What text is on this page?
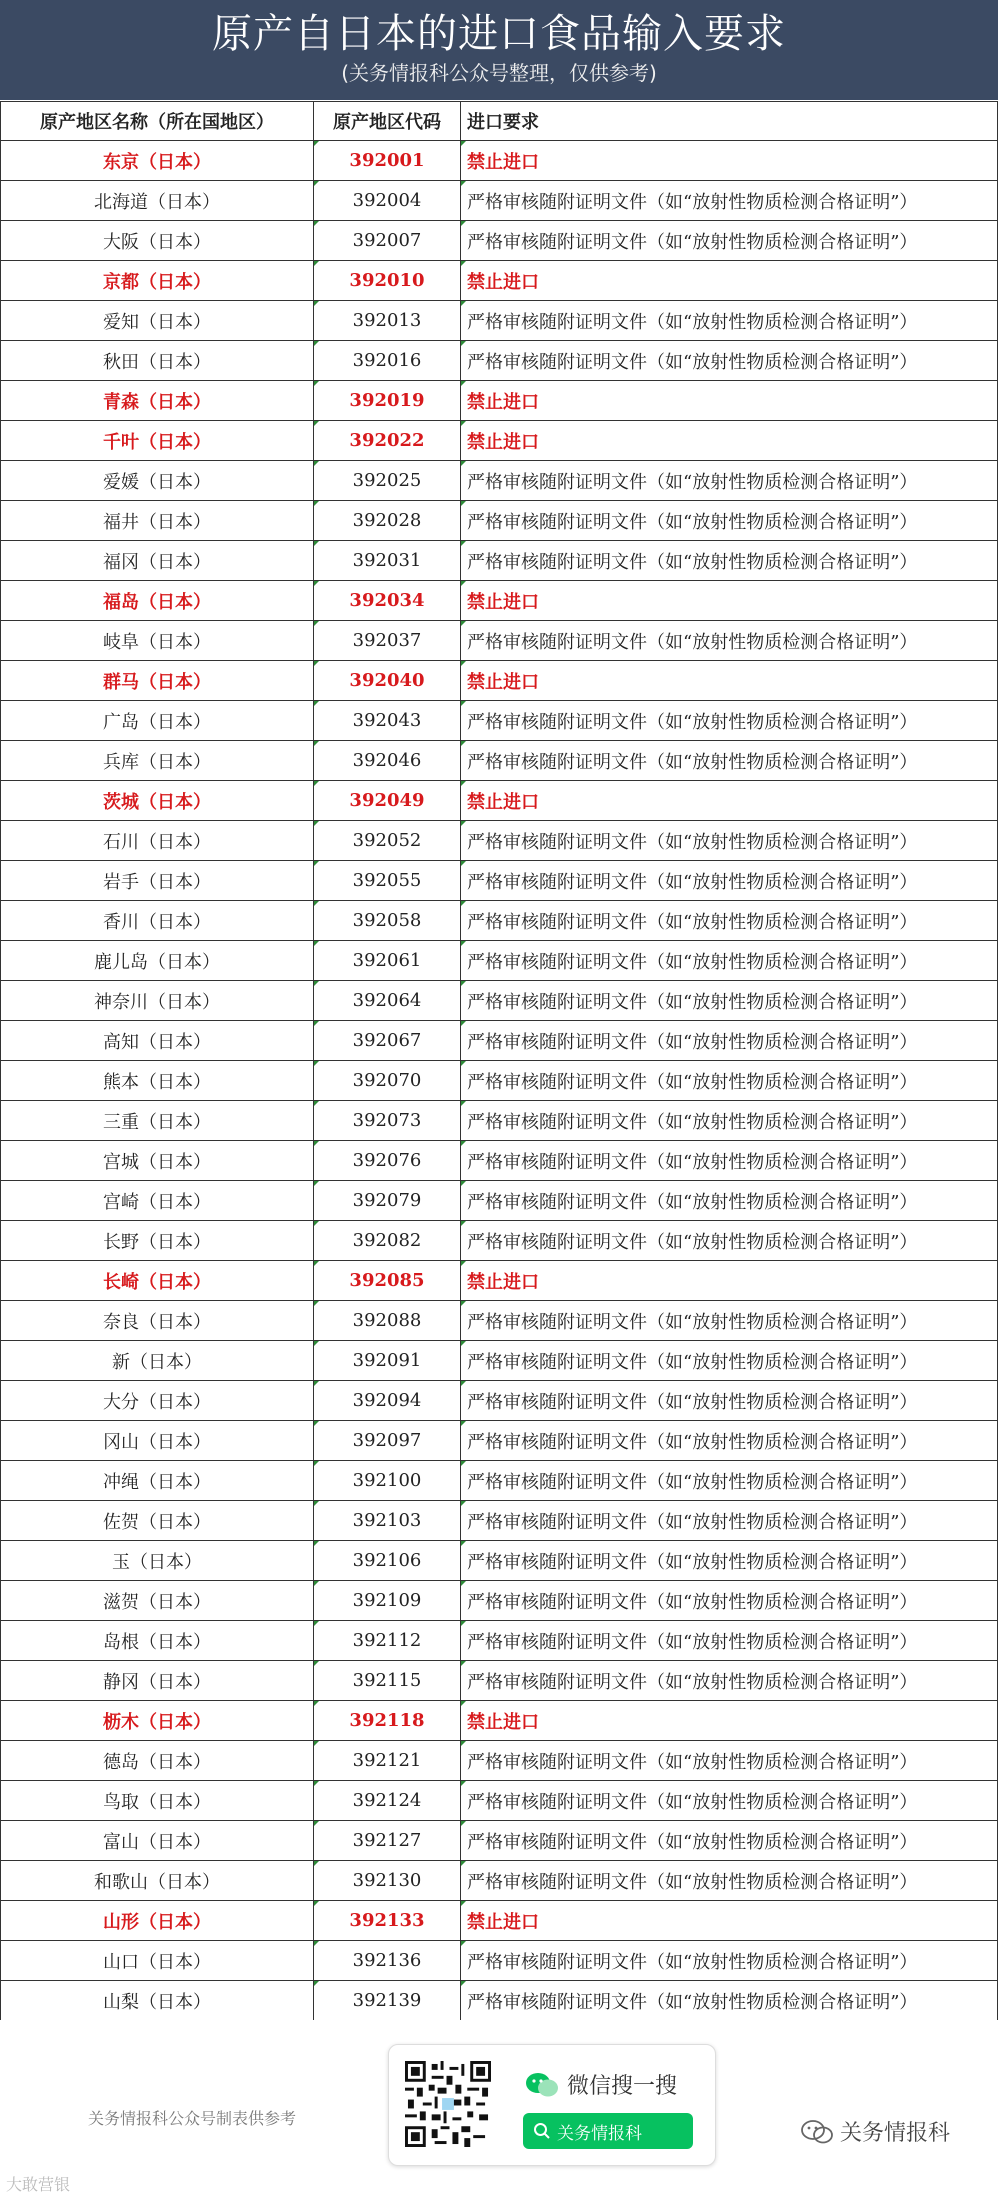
原产自日本的进口食品输入要求
(关务情报科公众号整理，仅供参考)
原产地区名称（所在国地区）	原产地区代码	进口要求
东京（日本）	392001	禁止进口
北海道（日本）	392004	严格审核随附证明文件（如“放射性物质检测合格证明”）
大阪（日本）	392007	严格审核随附证明文件（如“放射性物质检测合格证明”）
京都（日本）	392010	禁止进口
爱知（日本）	392013	严格审核随附证明文件（如“放射性物质检测合格证明”）
秋田（日本）	392016	严格审核随附证明文件（如“放射性物质检测合格证明”）
青森（日本）	392019	禁止进口
千叶（日本）	392022	禁止进口
爱媛（日本）	392025	严格审核随附证明文件（如“放射性物质检测合格证明”）
福井（日本）	392028	严格审核随附证明文件（如“放射性物质检测合格证明”）
福冈（日本）	392031	严格审核随附证明文件（如“放射性物质检测合格证明”）
福岛（日本）	392034	禁止进口
岐阜（日本）	392037	严格审核随附证明文件（如“放射性物质检测合格证明”）
群马（日本）	392040	禁止进口
广岛（日本）	392043	严格审核随附证明文件（如“放射性物质检测合格证明”）
兵库（日本）	392046	严格审核随附证明文件（如“放射性物质检测合格证明”）
茨城（日本）	392049	禁止进口
石川（日本）	392052	严格审核随附证明文件（如“放射性物质检测合格证明”）
岩手（日本）	392055	严格审核随附证明文件（如“放射性物质检测合格证明”）
香川（日本）	392058	严格审核随附证明文件（如“放射性物质检测合格证明”）
鹿儿岛（日本）	392061	严格审核随附证明文件（如“放射性物质检测合格证明”）
神奈川（日本）	392064	严格审核随附证明文件（如“放射性物质检测合格证明”）
高知（日本）	392067	严格审核随附证明文件（如“放射性物质检测合格证明”）
熊本（日本）	392070	严格审核随附证明文件（如“放射性物质检测合格证明”）
三重（日本）	392073	严格审核随附证明文件（如“放射性物质检测合格证明”）
宫城（日本）	392076	严格审核随附证明文件（如“放射性物质检测合格证明”）
宫崎（日本）	392079	严格审核随附证明文件（如“放射性物质检测合格证明”）
长野（日本）	392082	严格审核随附证明文件（如“放射性物质检测合格证明”）
长崎（日本）	392085	禁止进口
奈良（日本）	392088	严格审核随附证明文件（如“放射性物质检测合格证明”）
新（日本）	392091	严格审核随附证明文件（如“放射性物质检测合格证明”）
大分（日本）	392094	严格审核随附证明文件（如“放射性物质检测合格证明”）
冈山（日本）	392097	严格审核随附证明文件（如“放射性物质检测合格证明”）
冲绳（日本）	392100	严格审核随附证明文件（如“放射性物质检测合格证明”）
佐贺（日本）	392103	严格审核随附证明文件（如“放射性物质检测合格证明”）
玉（日本）	392106	严格审核随附证明文件（如“放射性物质检测合格证明”）
滋贺（日本）	392109	严格审核随附证明文件（如“放射性物质检测合格证明”）
岛根（日本）	392112	严格审核随附证明文件（如“放射性物质检测合格证明”）
静冈（日本）	392115	严格审核随附证明文件（如“放射性物质检测合格证明”）
枥木（日本）	392118	禁止进口
德岛（日本）	392121	严格审核随附证明文件（如“放射性物质检测合格证明”）
鸟取（日本）	392124	严格审核随附证明文件（如“放射性物质检测合格证明”）
富山（日本）	392127	严格审核随附证明文件（如“放射性物质检测合格证明”）
和歌山（日本）	392130	严格审核随附证明文件（如“放射性物质检测合格证明”）
山形（日本）	392133	禁止进口
山口（日本）	392136	严格审核随附证明文件（如“放射性物质检测合格证明”）
山梨（日本）	392139	严格审核随附证明文件（如“放射性物质检测合格证明”）
关务情报科公众号制表供参考
微信搜一搜
关务情报科	关务情报科
大敢营银
